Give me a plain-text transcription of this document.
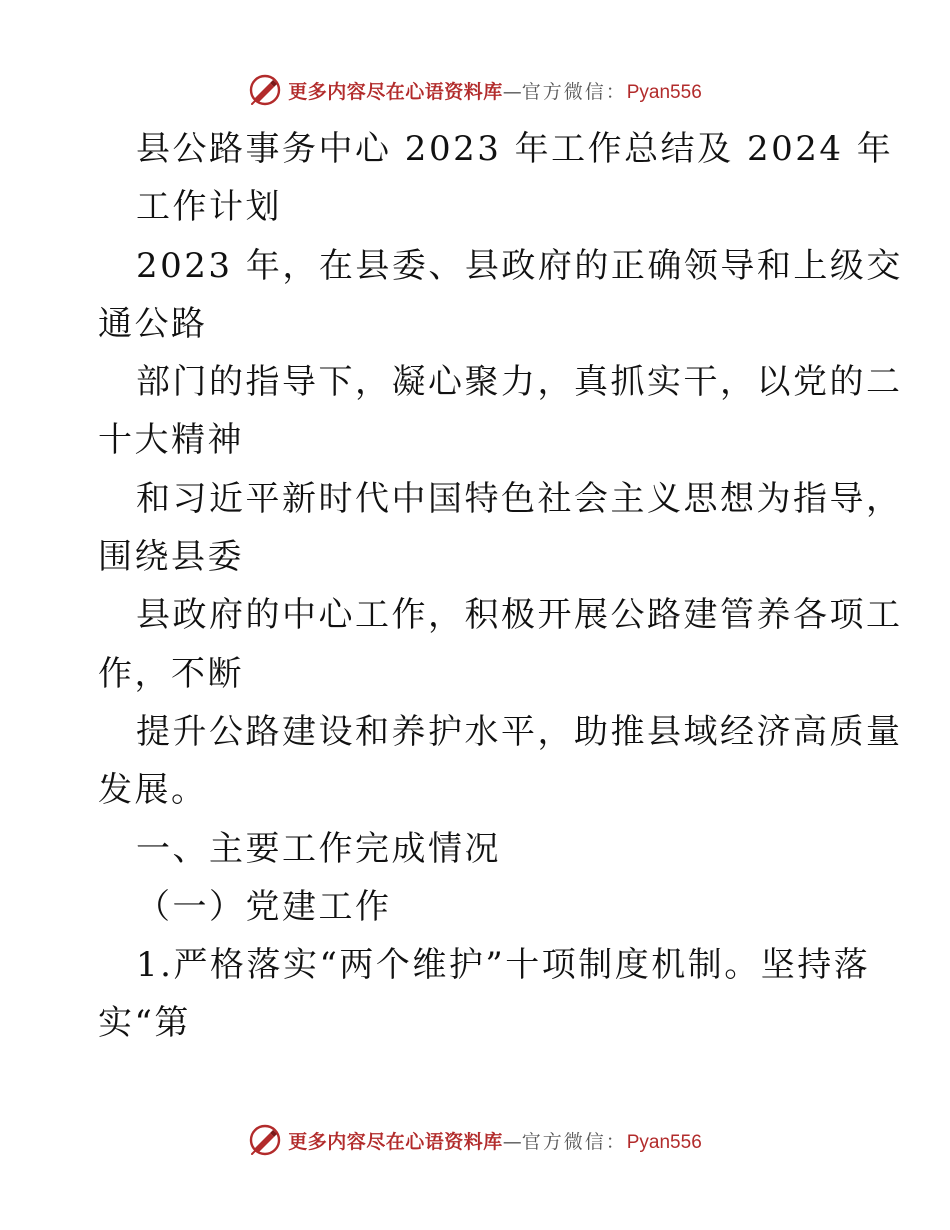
更多内容尽在心语资料库 — 官方微信： Pyan556
县公路事务中心 2023 年工作总结及 2024 年
工作计划
2023 年，在县委、县政府的正确领导和上级交
通公路
部门的指导下，凝心聚力，真抓实干，以党的二
十大精神
和习近平新时代中国特色社会主义思想为指导，
围绕县委
县政府的中心工作，积极开展公路建管养各项工
作，不断
提升公路建设和养护水平，助推县域经济高质量
发展。
一、主要工作完成情况
（一）党建工作
1.严格落实“两个维护”十项制度机制。坚持落
实“第
更多内容尽在心语资料库 — 官方微信： Pyan556
